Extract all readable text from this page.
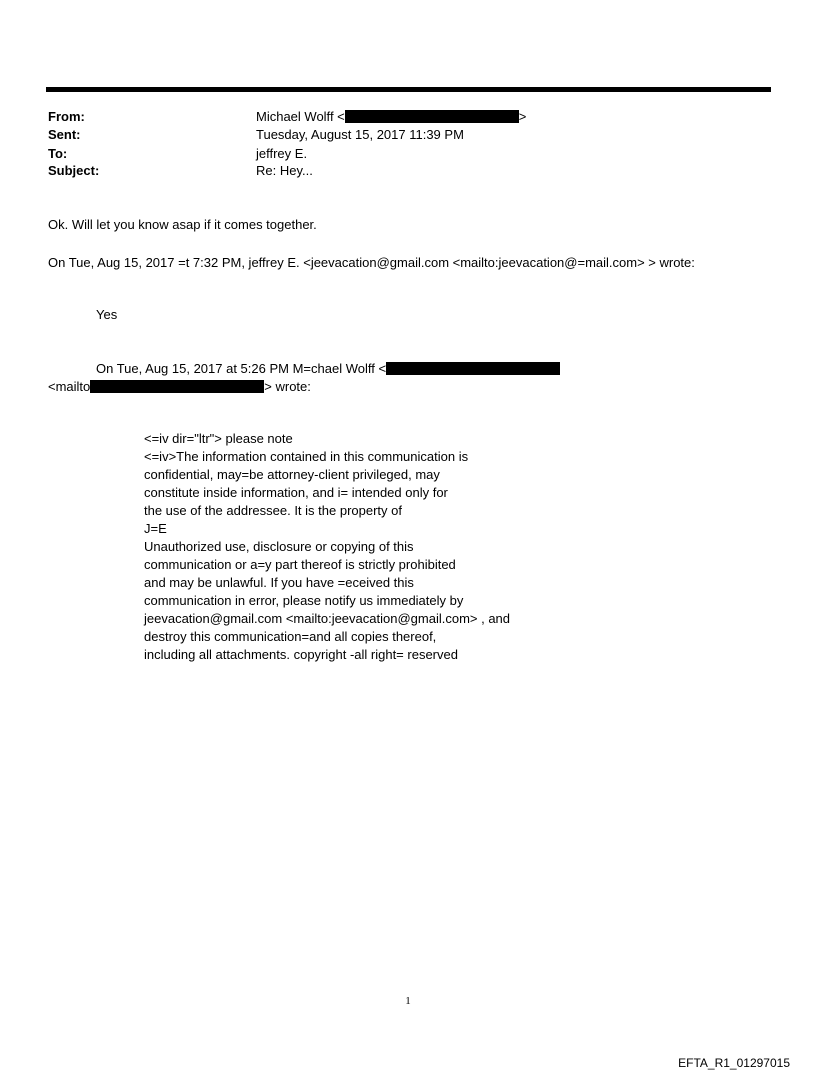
From:	Michael Wolff <	>
Sent:	Tuesday, August 15, 2017 11:39 PM
To:	jeffrey E.
Subject:	Re: Hey...
Ok. Will let you know asap if it comes together.
On Tue, Aug 15, 2017 =t 7:32 PM, jeffrey E. <jeevacation@gmail.com <mailto:jeevacation@=mail.com> > wrote:
Yes
On Tue, Aug 15, 2017 at 5:26 PM M=chael Wolff <
<mailto	> wrote:
<=iv dir="ltr"> please note
<=iv>The information contained in this communication is
confidential, may=be attorney-client privileged, may
constitute inside information, and i= intended only for
the use of the addressee. It is the property of
J=E
Unauthorized use, disclosure or copying of this
communication or a=y part thereof is strictly prohibited
and may be unlawful. If you have =eceived this
communication in error, please notify us immediately by
jeevacation@gmail.com <mailto:jeevacation@gmail.com> , and
destroy this communication=and all copies thereof,
including all attachments. copyright -all right= reserved
1
EFTA_R1_01297015
